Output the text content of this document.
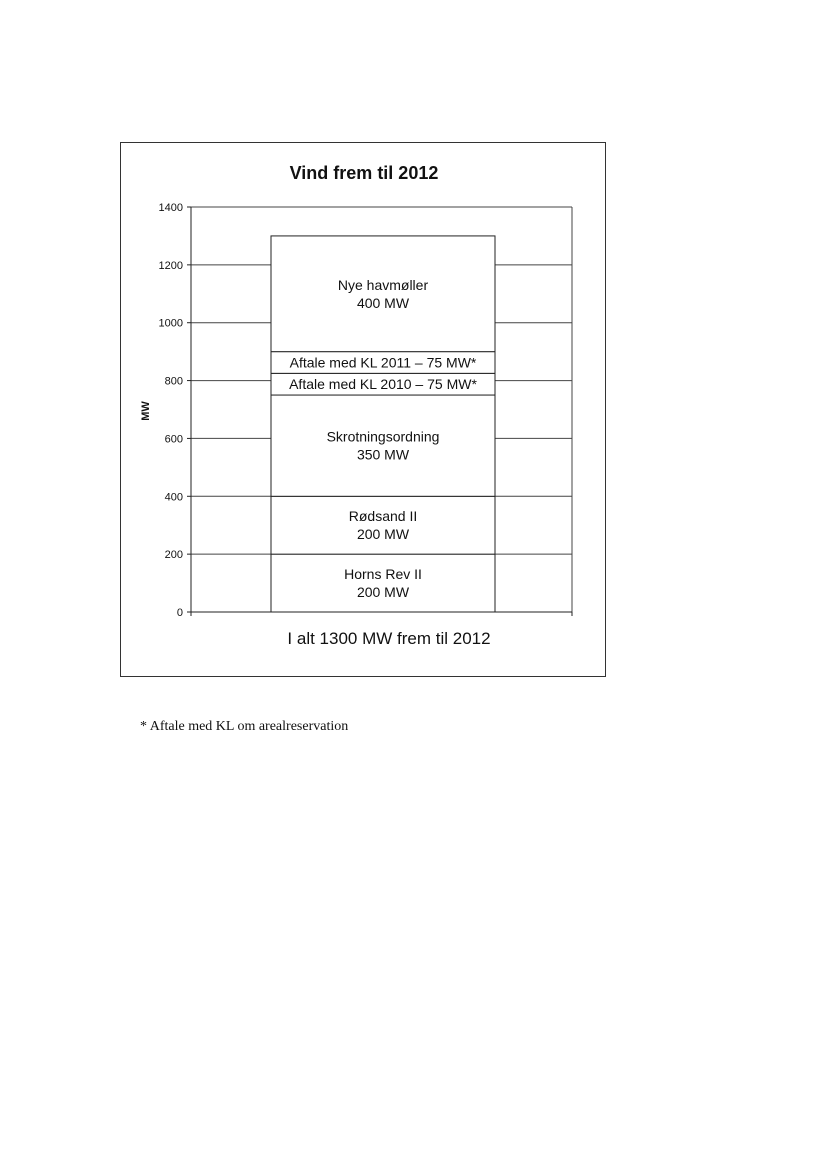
Vind frem til 2012
MW
I alt 1300 MW frem til 2012
Horns Rev II
200 MW
Rødsand II
200 MW
Skrotningsordning
350 MW
Aftale med KL 2010 – 75 MW*
Aftale med KL 2011 – 75 MW*
Nye havmøller
400 MW
0
200
400
600
800
1000
1200
1400
* Aftale med KL om arealreservation
